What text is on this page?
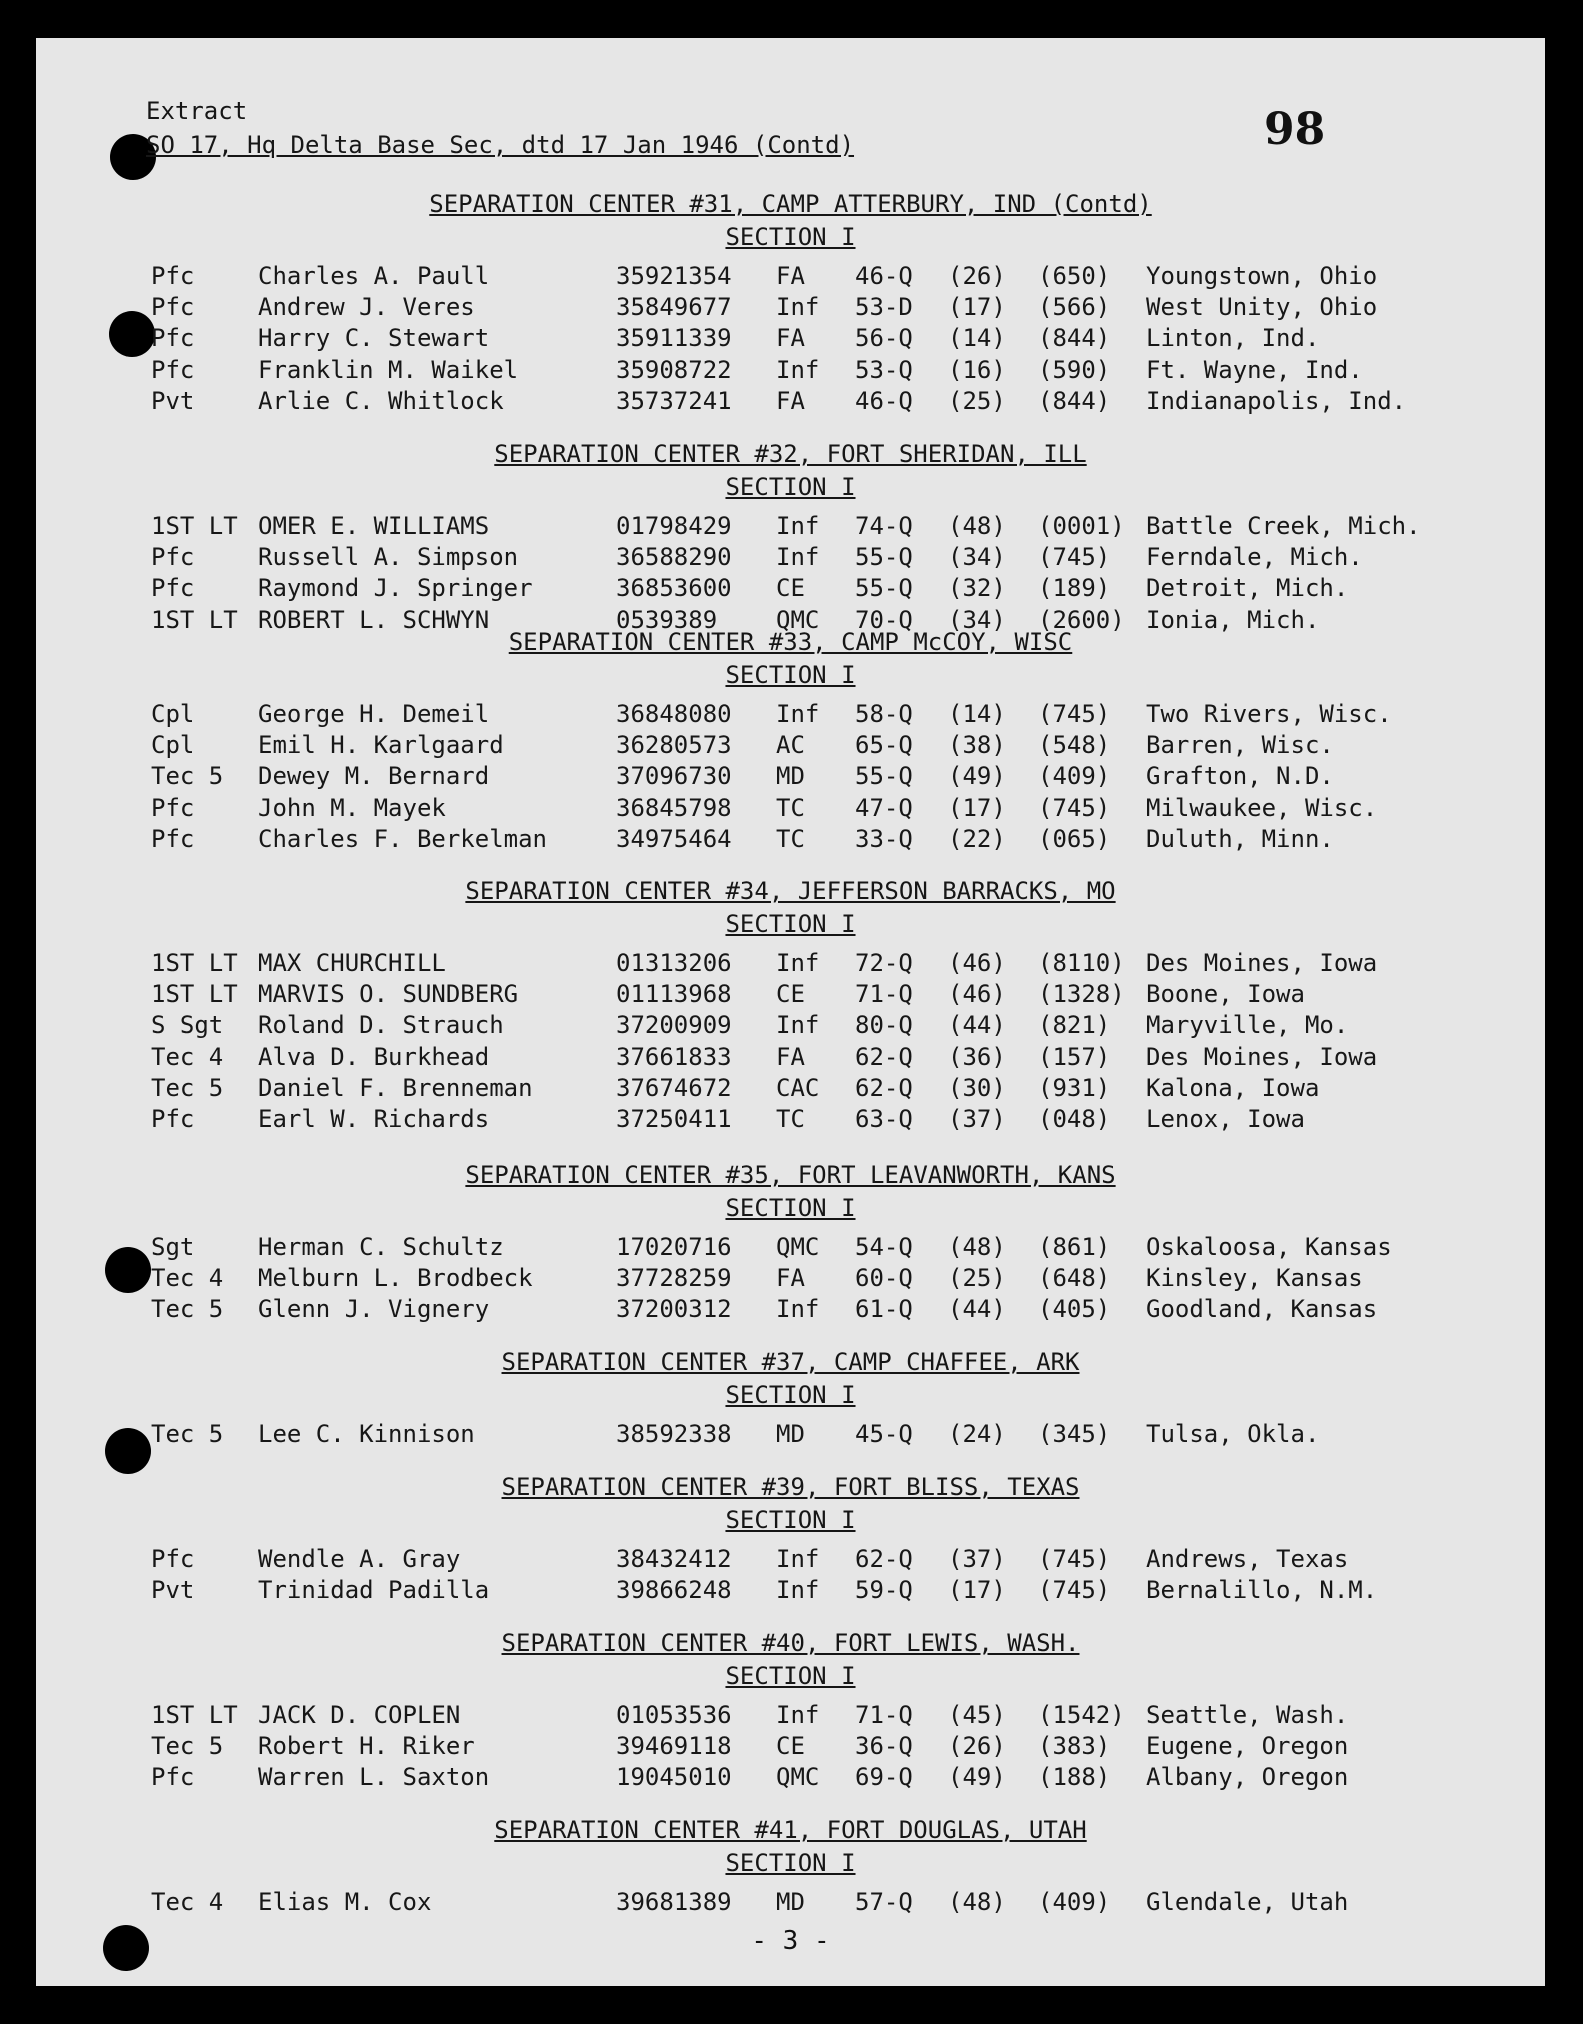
Extract
SO 17, Hq Delta Base Sec, dtd 17 Jan 1946 (Contd)	98
SEPARATION CENTER #31, CAMP ATTERBURY, IND (Contd)
SECTION I
Pfc	Charles A. Paull	35921354 FA 46-Q (26) (650) Youngstown, Ohio
Pfc	Andrew J. Veres	35849677 Inf 53-D (17) (566) West Unity, Ohio
Pfc	Harry C. Stewart	35911339 FA 56-Q (14) (844) Linton, Ind.
Pfc	Franklin M. Waikel	35908722 Inf 53-Q (16) (590) Ft. Wayne, Ind.
Pvt	Arlie C. Whitlock	35737241 FA 46-Q (25) (844) Indianapolis, Ind.
SEPARATION CENTER #32, FORT SHERIDAN, ILL
SECTION I
1ST LT OMER E. WILLIAMS	01798429 Inf 74-Q (48) (0001) Battle Creek, Mich.
Pfc	Russell A. Simpson	36588290 Inf 55-Q (34) (745) Ferndale, Mich.
Pfc	Raymond J. Springer	36853600 CE 55-Q (32) (189) Detroit, Mich.
1ST LT ROBERT L. SCHWYN	0539389 QMC 70-Q (34) (2600) Ionia, Mich.
SEPARATION CENTER #33, CAMP McCOY, WISC
SECTION I
Cpl	George H. Demeil	36848080 Inf 58-Q (14) (745) Two Rivers, Wisc.
Cpl	Emil H. Karlgaard	36280573 AC 65-Q (38) (548) Barren, Wisc.
Tec 5 Dewey M. Bernard	37096730 MD 55-Q (49) (409) Grafton, N.D.
Pfc	John M. Mayek	36845798 TC 47-Q (17) (745) Milwaukee, Wisc.
Pfc	Charles F. Berkelman	34975464 TC 33-Q (22) (065) Duluth, Minn.
SEPARATION CENTER #34, JEFFERSON BARRACKS, MO
SECTION I
1ST LT MAX CHURCHILL	01313206 Inf 72-Q (46) (8110) Des Moines, Iowa
1ST LT MARVIS O. SUNDBERG	01113968 CE 71-Q (46) (1328) Boone, Iowa
S Sgt Roland D. Strauch	37200909 Inf 80-Q (44) (821) Maryville, Mo.
Tec 4 Alva D. Burkhead	37661833 FA 62-Q (36) (157) Des Moines, Iowa
Tec 5 Daniel F. Brenneman	37674672 CAC 62-Q (30) (931) Kalona, Iowa
Pfc	Earl W. Richards	37250411 TC 63-Q (37) (048) Lenox, Iowa
SEPARATION CENTER #35, FORT LEAVANWORTH, KANS
SECTION I
Sgt	Herman C. Schultz	17020716 QMC 54-Q (48) (861) Oskaloosa, Kansas
Tec 4 Melburn L. Brodbeck	37728259 FA 60-Q (25) (648) Kinsley, Kansas
Tec 5 Glenn J. Vignery	37200312 Inf 61-Q (44) (405) Goodland, Kansas
SEPARATION CENTER #37, CAMP CHAFFEE, ARK
SECTION I
Tec 5 Lee C. Kinnison	38592338 MD 45-Q (24) (345) Tulsa, Okla.
SEPARATION CENTER #39, FORT BLISS, TEXAS
SECTION I
Pfc	Wendle A. Gray	38432412 Inf 62-Q (37) (745) Andrews, Texas
Pvt	Trinidad Padilla	39866248 Inf 59-Q (17) (745) Bernalillo, N.M.
SEPARATION CENTER #40, FORT LEWIS, WASH.
SECTION I
1ST LT JACK D. COPLEN	01053536 Inf 71-Q (45) (1542) Seattle, Wash.
Tec 5 Robert H. Riker	39469118 CE 36-Q (26) (383) Eugene, Oregon
Pfc	Warren L. Saxton	19045010 QMC 69-Q (49) (188) Albany, Oregon
SEPARATION CENTER #41, FORT DOUGLAS, UTAH
SECTION I
Tec 4 Elias M. Cox	39681389 MD 57-Q (48) (409) Glendale, Utah
- 3 -
